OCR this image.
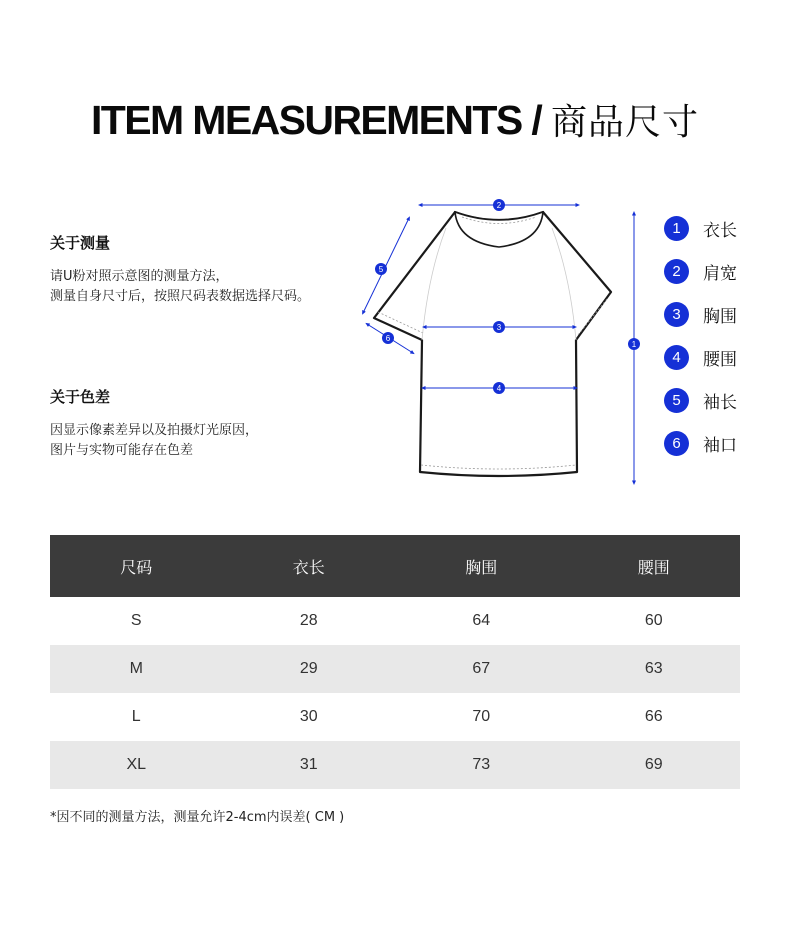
ITEM MEASUREMENTS / 商品尺寸
关于测量

请U粉对照示意图的测量方法，

测量自身尺寸后，按照尺码表数据选择尺码。

关于色差

因显示像素差异以及拍摄灯光原因，

图片与实物可能存在色差

2
3
4
1
5
6
1	衣长
2	肩宽
3	胸围
4	腰围
5	袖长
6	袖口
尺码	衣长	胸围	腰围
S	28	64	60
M	29	67	63
L	30	70	66
XL	31	73	69
*因不同的测量方法，测量允许2-4cm内误差( CM )
